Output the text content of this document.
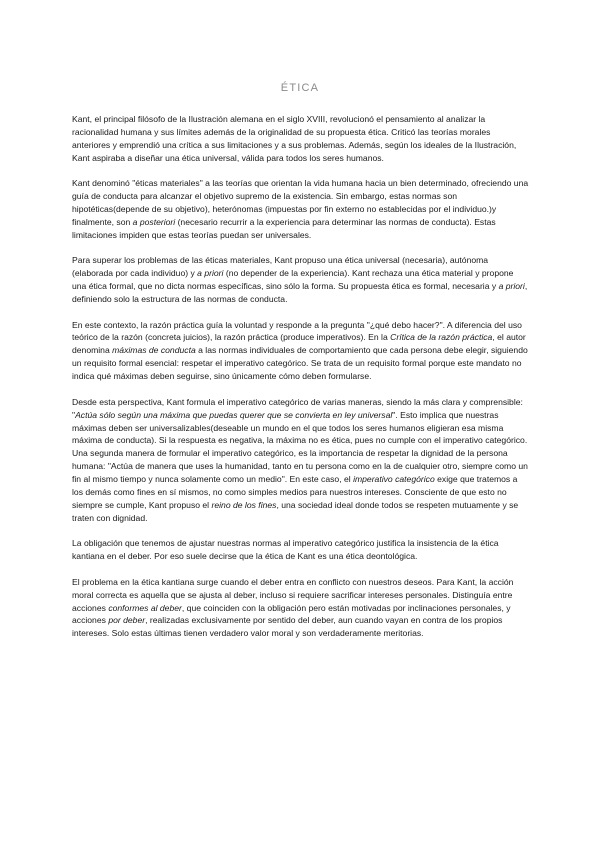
ÉTICA

Kant, el principal filósofo de la Ilustración alemana en el siglo XVIII, revolucionó el pensamiento al analizar la racionalidad humana y sus límites además de la originalidad de su propuesta ética. Criticó las teorías morales anteriores y emprendió una crítica a sus limitaciones y a sus problemas. Además, según los ideales de la Ilustración, Kant aspiraba a diseñar una ética universal, válida para todos los seres humanos.

Kant denominó "éticas materiales" a las teorías que orientan la vida humana hacia un bien determinado, ofreciendo una guía de conducta para alcanzar el objetivo supremo de la existencia. Sin embargo, estas normas son hipotéticas(depende de su objetivo), heterónomas (impuestas por fin externo no establecidas por el individuo.)y finalmente, son a posteriori (necesario recurrir a la experiencia para determinar las normas de conducta). Estas limitaciones impiden que estas teorías puedan ser universales.

Para superar los problemas de las éticas materiales, Kant propuso una ética universal (necesaria), autónoma (elaborada por cada individuo) y a priori (no depender de la experiencia). Kant rechaza una ética material y propone una ética formal, que no dicta normas específicas, sino sólo la forma. Su propuesta ética es formal, necesaria y a priori, definiendo solo la estructura de las normas de conducta.

En este contexto, la razón práctica guía la voluntad y responde a la pregunta "¿qué debo hacer?". A diferencia del uso teórico de la razón (concreta juicios), la razón práctica (produce imperativos). En la Crítica de la razón práctica, el autor denomina máximas de conducta a las normas individuales de comportamiento que cada persona debe elegir, siguiendo un requisito formal esencial: respetar el imperativo categórico. Se trata de un requisito formal porque este mandato no indica qué máximas deben seguirse, sino únicamente cómo deben formularse.

Desde esta perspectiva, Kant formula el imperativo categórico de varias maneras, siendo la más clara y comprensible: "Actúa sólo según una máxima que puedas querer que se convierta en ley universal". Esto implica que nuestras máximas deben ser universalizables(deseable un mundo en el que todos los seres humanos eligieran esa misma máxima de conducta). Si la respuesta es negativa, la máxima no es ética, pues no cumple con el imperativo categórico. Una segunda manera de formular el imperativo categórico, es la importancia de respetar la dignidad de la persona humana: "Actúa de manera que uses la humanidad, tanto en tu persona como en la de cualquier otro, siempre como un fin al mismo tiempo y nunca solamente como un medio". En este caso, el imperativo categórico exige que tratemos a los demás como fines en sí mismos, no como simples medios para nuestros intereses. Consciente de que esto no siempre se cumple, Kant propuso el reino de los fines, una sociedad ideal donde todos se respeten mutuamente y se traten con dignidad.

La obligación que tenemos de ajustar nuestras normas al imperativo categórico justifica la insistencia de la ética kantiana en el deber. Por eso suele decirse que la ética de Kant es una ética deontológica.

El problema en la ética kantiana surge cuando el deber entra en conflicto con nuestros deseos. Para Kant, la acción moral correcta es aquella que se ajusta al deber, incluso si requiere sacrificar intereses personales. Distinguía entre acciones conformes al deber, que coinciden con la obligación pero están motivadas por inclinaciones personales, y acciones por deber, realizadas exclusivamente por sentido del deber, aun cuando vayan en contra de los propios intereses. Solo estas últimas tienen verdadero valor moral y son verdaderamente meritorias.
